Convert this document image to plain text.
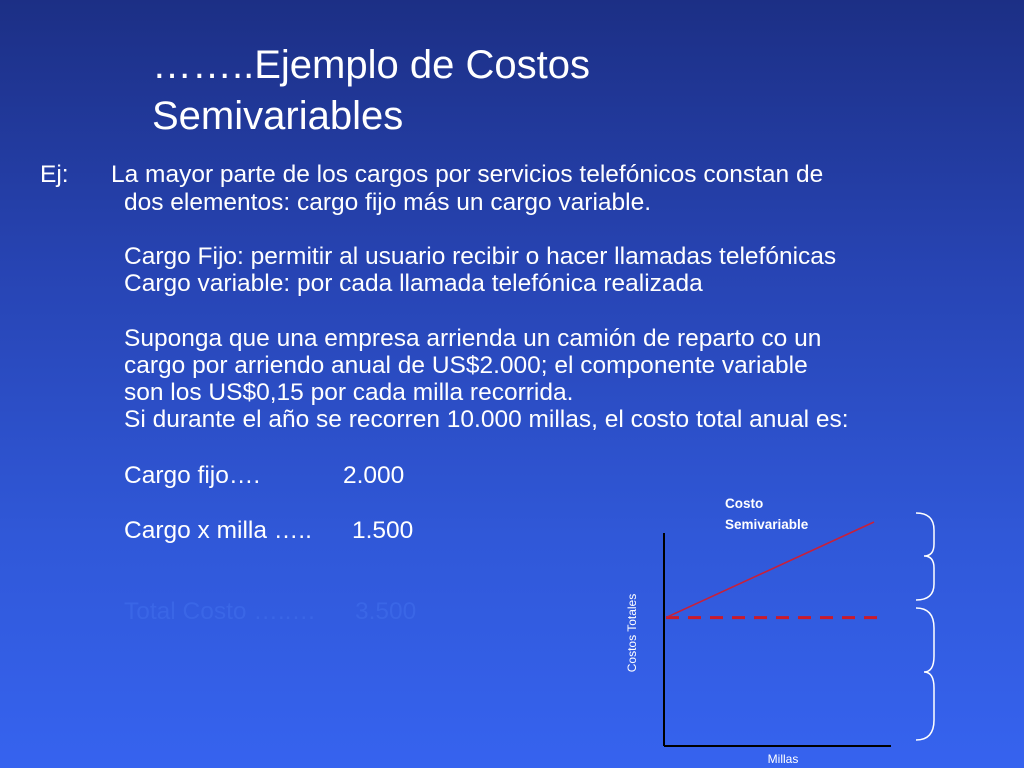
……..Ejemplo de Costos
Semivariables
Ej: La mayor parte de los cargos por servicios telefónicos constan de
dos elementos: cargo fijo más un cargo variable.
Cargo Fijo: permitir al usuario recibir o hacer llamadas telefónicas
Cargo variable: por cada llamada telefónica realizada
Suponga que una empresa arrienda un camión de reparto co un
cargo por arriendo anual de US$2.000; el componente variable
son los US$0,15 por cada milla recorrida.
Si durante el año se recorren 10.000 millas, el costo total anual es:
Cargo fijo….	2.000
Cargo x milla ….. 1.500
Total Costo …..… 3.500
Costo
Semivariable
Costos Totales
Millas
